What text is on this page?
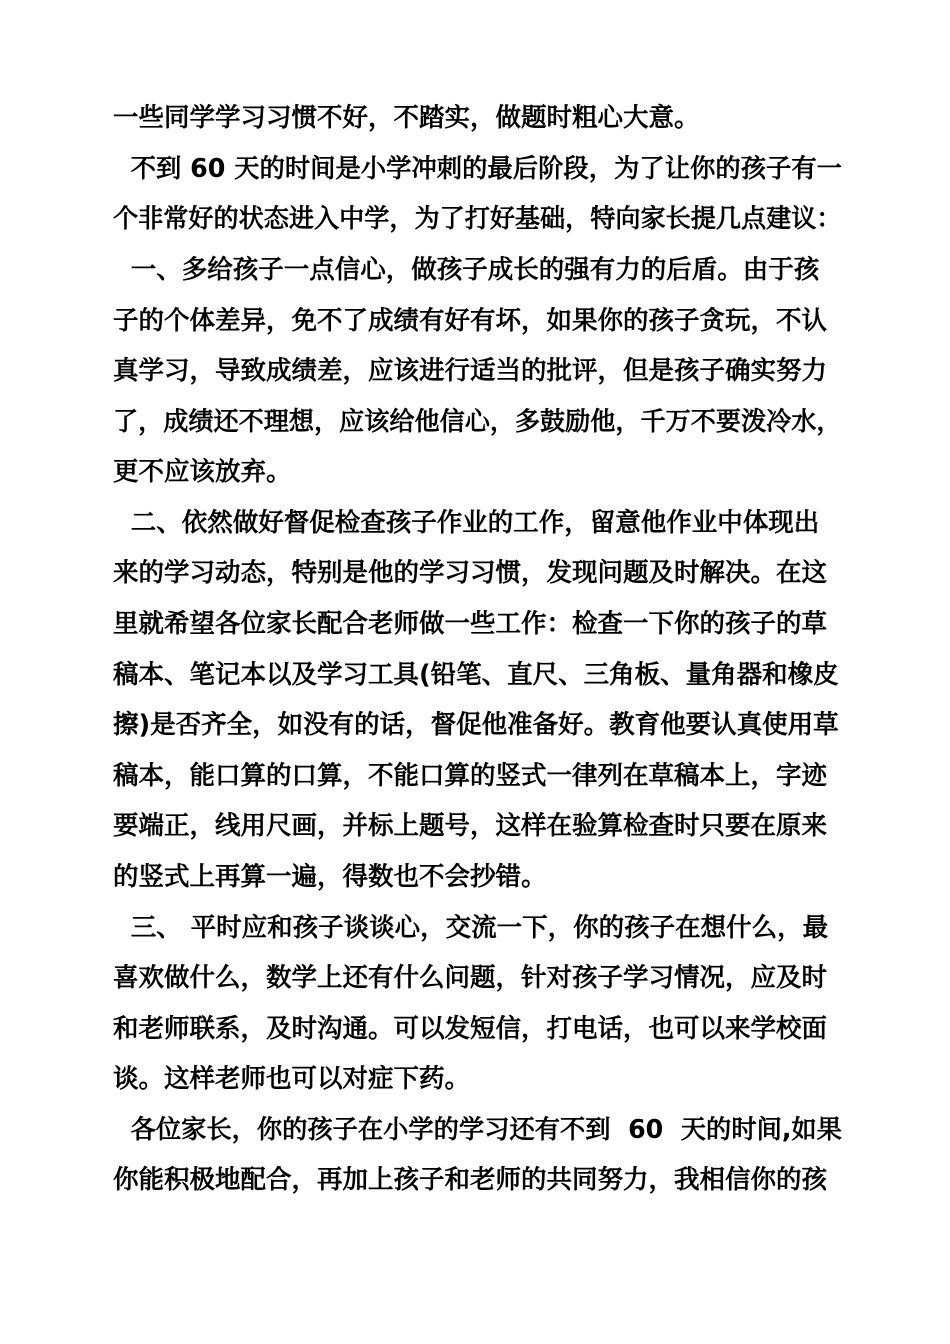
一些同学学习习惯不好，不踏实，做题时粗心大意。
不到 60 天的时间是小学冲刺的最后阶段，为了让你的孩子有一
个非常好的状态进入中学，为了打好基础，特向家长提几点建议：
一、多给孩子一点信心，做孩子成长的强有力的后盾。由于孩
子的个体差异，免不了成绩有好有坏，如果你的孩子贪玩，不认
真学习，导致成绩差，应该进行适当的批评，但是孩子确实努力
了，成绩还不理想，应该给他信心，多鼓励他，千万不要泼冷水，
更不应该放弃。
二、依然做好督促检查孩子作业的工作，留意他作业中体现出
来的学习动态，特别是他的学习习惯，发现问题及时解决。在这
里就希望各位家长配合老师做一些工作：检查一下你的孩子的草
稿本、笔记本以及学习工具(铅笔、直尺、三角板、量角器和橡皮
擦)是否齐全，如没有的话，督促他准备好。教育他要认真使用草
稿本，能口算的口算，不能口算的竖式一律列在草稿本上，字迹
要端正，线用尺画，并标上题号，这样在验算检查时只要在原来
的竖式上再算一遍，得数也不会抄错。
三、 平时应和孩子谈谈心，交流一下，你的孩子在想什么，最
喜欢做什么，数学上还有什么问题，针对孩子学习情况，应及时
和老师联系，及时沟通。可以发短信，打电话，也可以来学校面
谈。这样老师也可以对症下药。
各位家长，你的孩子在小学的学习还有不到  60  天的时间,如果
你能积极地配合，再加上孩子和老师的共同努力，我相信你的孩
